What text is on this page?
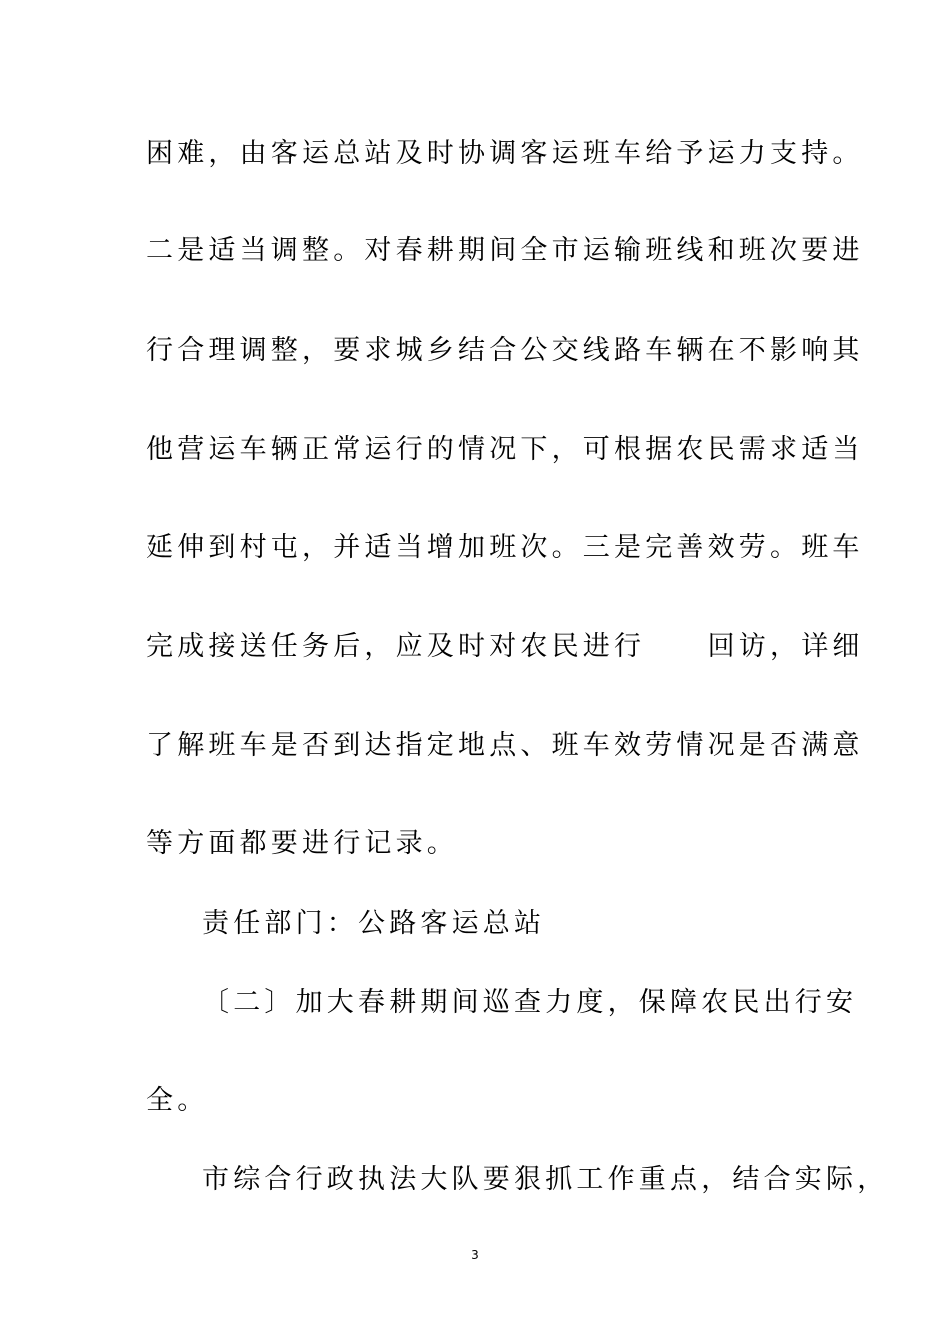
困难，由客运总站及时协调客运班车给予运力支持。
二是适当调整。对春耕期间全市运输班线和班次要进
行合理调整，要求城乡结合公交线路车辆在不影响其
他营运车辆正常运行的情况下，可根据农民需求适当
延伸到村屯，并适当增加班次。三是完善效劳。班车
完成接送任务后，应及时对农民进行　　回访，详细
了解班车是否到达指定地点、班车效劳情况是否满意
等方面都要进行记录。
责任部门：公路客运总站
〔二〕加大春耕期间巡查力度，保障农民出行安
全。
市综合行政执法大队要狠抓工作重点，结合实际，
3
